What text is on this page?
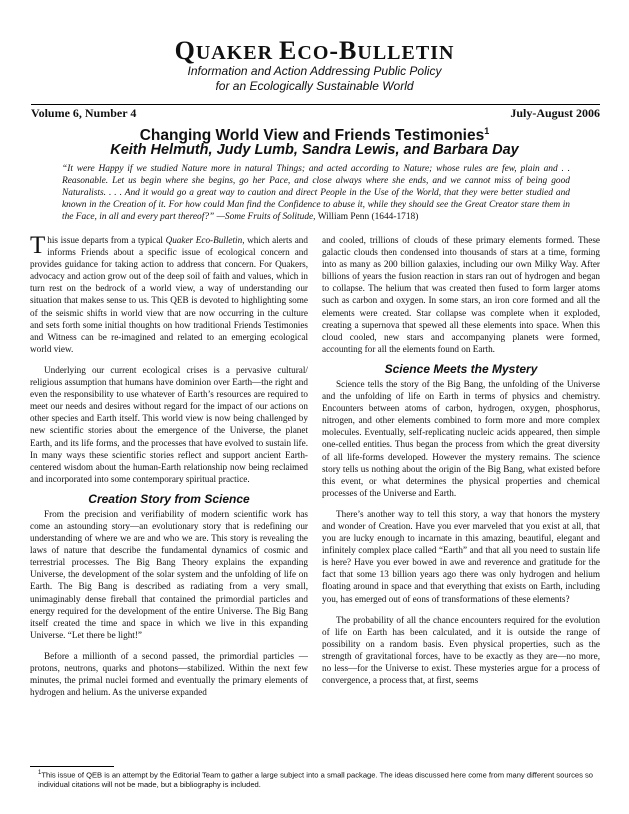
QUAKER ECO-BULLETIN
Information and Action Addressing Public Policy
for an Ecologically Sustainable World
Volume 6, Number 4	July-August 2006
Changing World View and Friends Testimonies$^1$
Keith Helmuth, Judy Lumb, Sandra Lewis, and Barbara Day
“It were Happy if we studied Nature more in natural Things; and acted according to Nature; whose rules are few, plain and . . Reasonable. Let us begin where she begins, go her Pace, and close always where she ends, and we cannot miss of being good Naturalists. . . . And it would go a great way to caution and direct People in the Use of the World, that they were better studied and known in the Creation of it. For how could Man find the Confidence to abuse it, while they should see the Great Creator stare them in the Face, in all and every part thereof?” —Some Fruits of Solitude, William Penn (1644-1718)

This issue departs from a typical Quaker Eco-Bulletin, which alerts and informs Friends about a specific issue of ecological concern and provides guidance for taking action to address that concern. For Quakers, advocacy and action grow out of the deep soil of faith and values, which in turn rest on the bedrock of a world view, a way of understanding our situation that makes sense to us. This QEB is devoted to highlighting some of the seismic shifts in world view that are now occurring in the culture and sets forth some initial thoughts on how traditional Friends Testimonies and Witness can be re-imagined and related to an emerging ecological world view.

Underlying our current ecological crises is a pervasive cultural/ religious assumption that humans have dominion over Earth—the right and even the responsibility to use whatever of Earth’s resources are required to meet our needs and desires without regard for the impact of our actions on other species and Earth itself. This world view is now being challenged by new scientific stories about the emergence of the Universe, the planet Earth, and its life forms, and the processes that have evolved to sustain life. In many ways these scientific stories reflect and support ancient Earth-centered wisdom about the human-Earth relationship now being reclaimed and incorporated into some contemporary spiritual practice.

Creation Story from Science

From the precision and verifiability of modern scientific work has come an astounding story—an evolutionary story that is redefining our understanding of where we are and who we are. This story is revealing the laws of nature that describe the fundamental dynamics of cosmic and terrestrial processes. The Big Bang Theory explains the expanding Universe, the development of the solar system and the unfolding of life on Earth. The Big Bang is described as radiating from a very small, unimaginably dense fireball that contained the primordial particles and energy required for the development of the entire Universe. The Big Bang itself created the time and space in which we live in this expanding Universe. “Let there be light!”

Before a millionth of a second passed, the primordial particles —protons, neutrons, quarks and photons—stabilized. Within the next few minutes, the primal nuclei formed and eventually the primary elements of hydrogen and helium. As the universe expanded

and cooled, trillions of clouds of these primary elements formed. These galactic clouds then condensed into thousands of stars at a time, forming into as many as 200 billion galaxies, including our own Milky Way. After billions of years the fusion reaction in stars ran out of hydrogen and began to collapse. The helium that was created then fused to form larger atoms such as carbon and oxygen. In some stars, an iron core formed and all the elements were created. Star collapse was complete when it exploded, creating a supernova that spewed all these elements into space. When this cloud cooled, new stars and accompanying planets were formed, accounting for all the elements found on Earth.

Science Meets the Mystery

Science tells the story of the Big Bang, the unfolding of the Universe and the unfolding of life on Earth in terms of physics and chemistry. Encounters between atoms of carbon, hydrogen, oxygen, phosphorus, nitrogen, and other elements combined to form more and more complex molecules. Eventually, self-replicating nucleic acids appeared, then simple one-celled entities. Thus began the process from which the great diversity of all life-forms developed. However the mystery remains. The science story tells us nothing about the origin of the Big Bang, what existed before this event, or what determines the physical properties and chemical processes of the Universe and Earth.

There’s another way to tell this story, a way that honors the mystery and wonder of Creation. Have you ever marveled that you exist at all, that you are lucky enough to incarnate in this amazing, beautiful, elegant and infinitely complex place called “Earth” and that all you need to sustain life is here? Have you ever bowed in awe and reverence and gratitude for the fact that some 13 billion years ago there was only hydrogen and helium floating around in space and that everything that exists on Earth, including you, has emerged out of eons of transformations of these elements?

The probability of all the chance encounters required for the evolution of life on Earth has been calculated, and it is outside the range of possibility on a random basis. Even physical properties, such as the strength of gravitational forces, have to be exactly as they are—no more, no less—for the Universe to exist. These mysteries argue for a process of convergence, a process that, at first, seems

$^1$This issue of QEB is an attempt by the Editorial Team to gather a large subject into a small package. The ideas discussed here come from many different sources so individual citations will not be made, but a bibliography is included.
